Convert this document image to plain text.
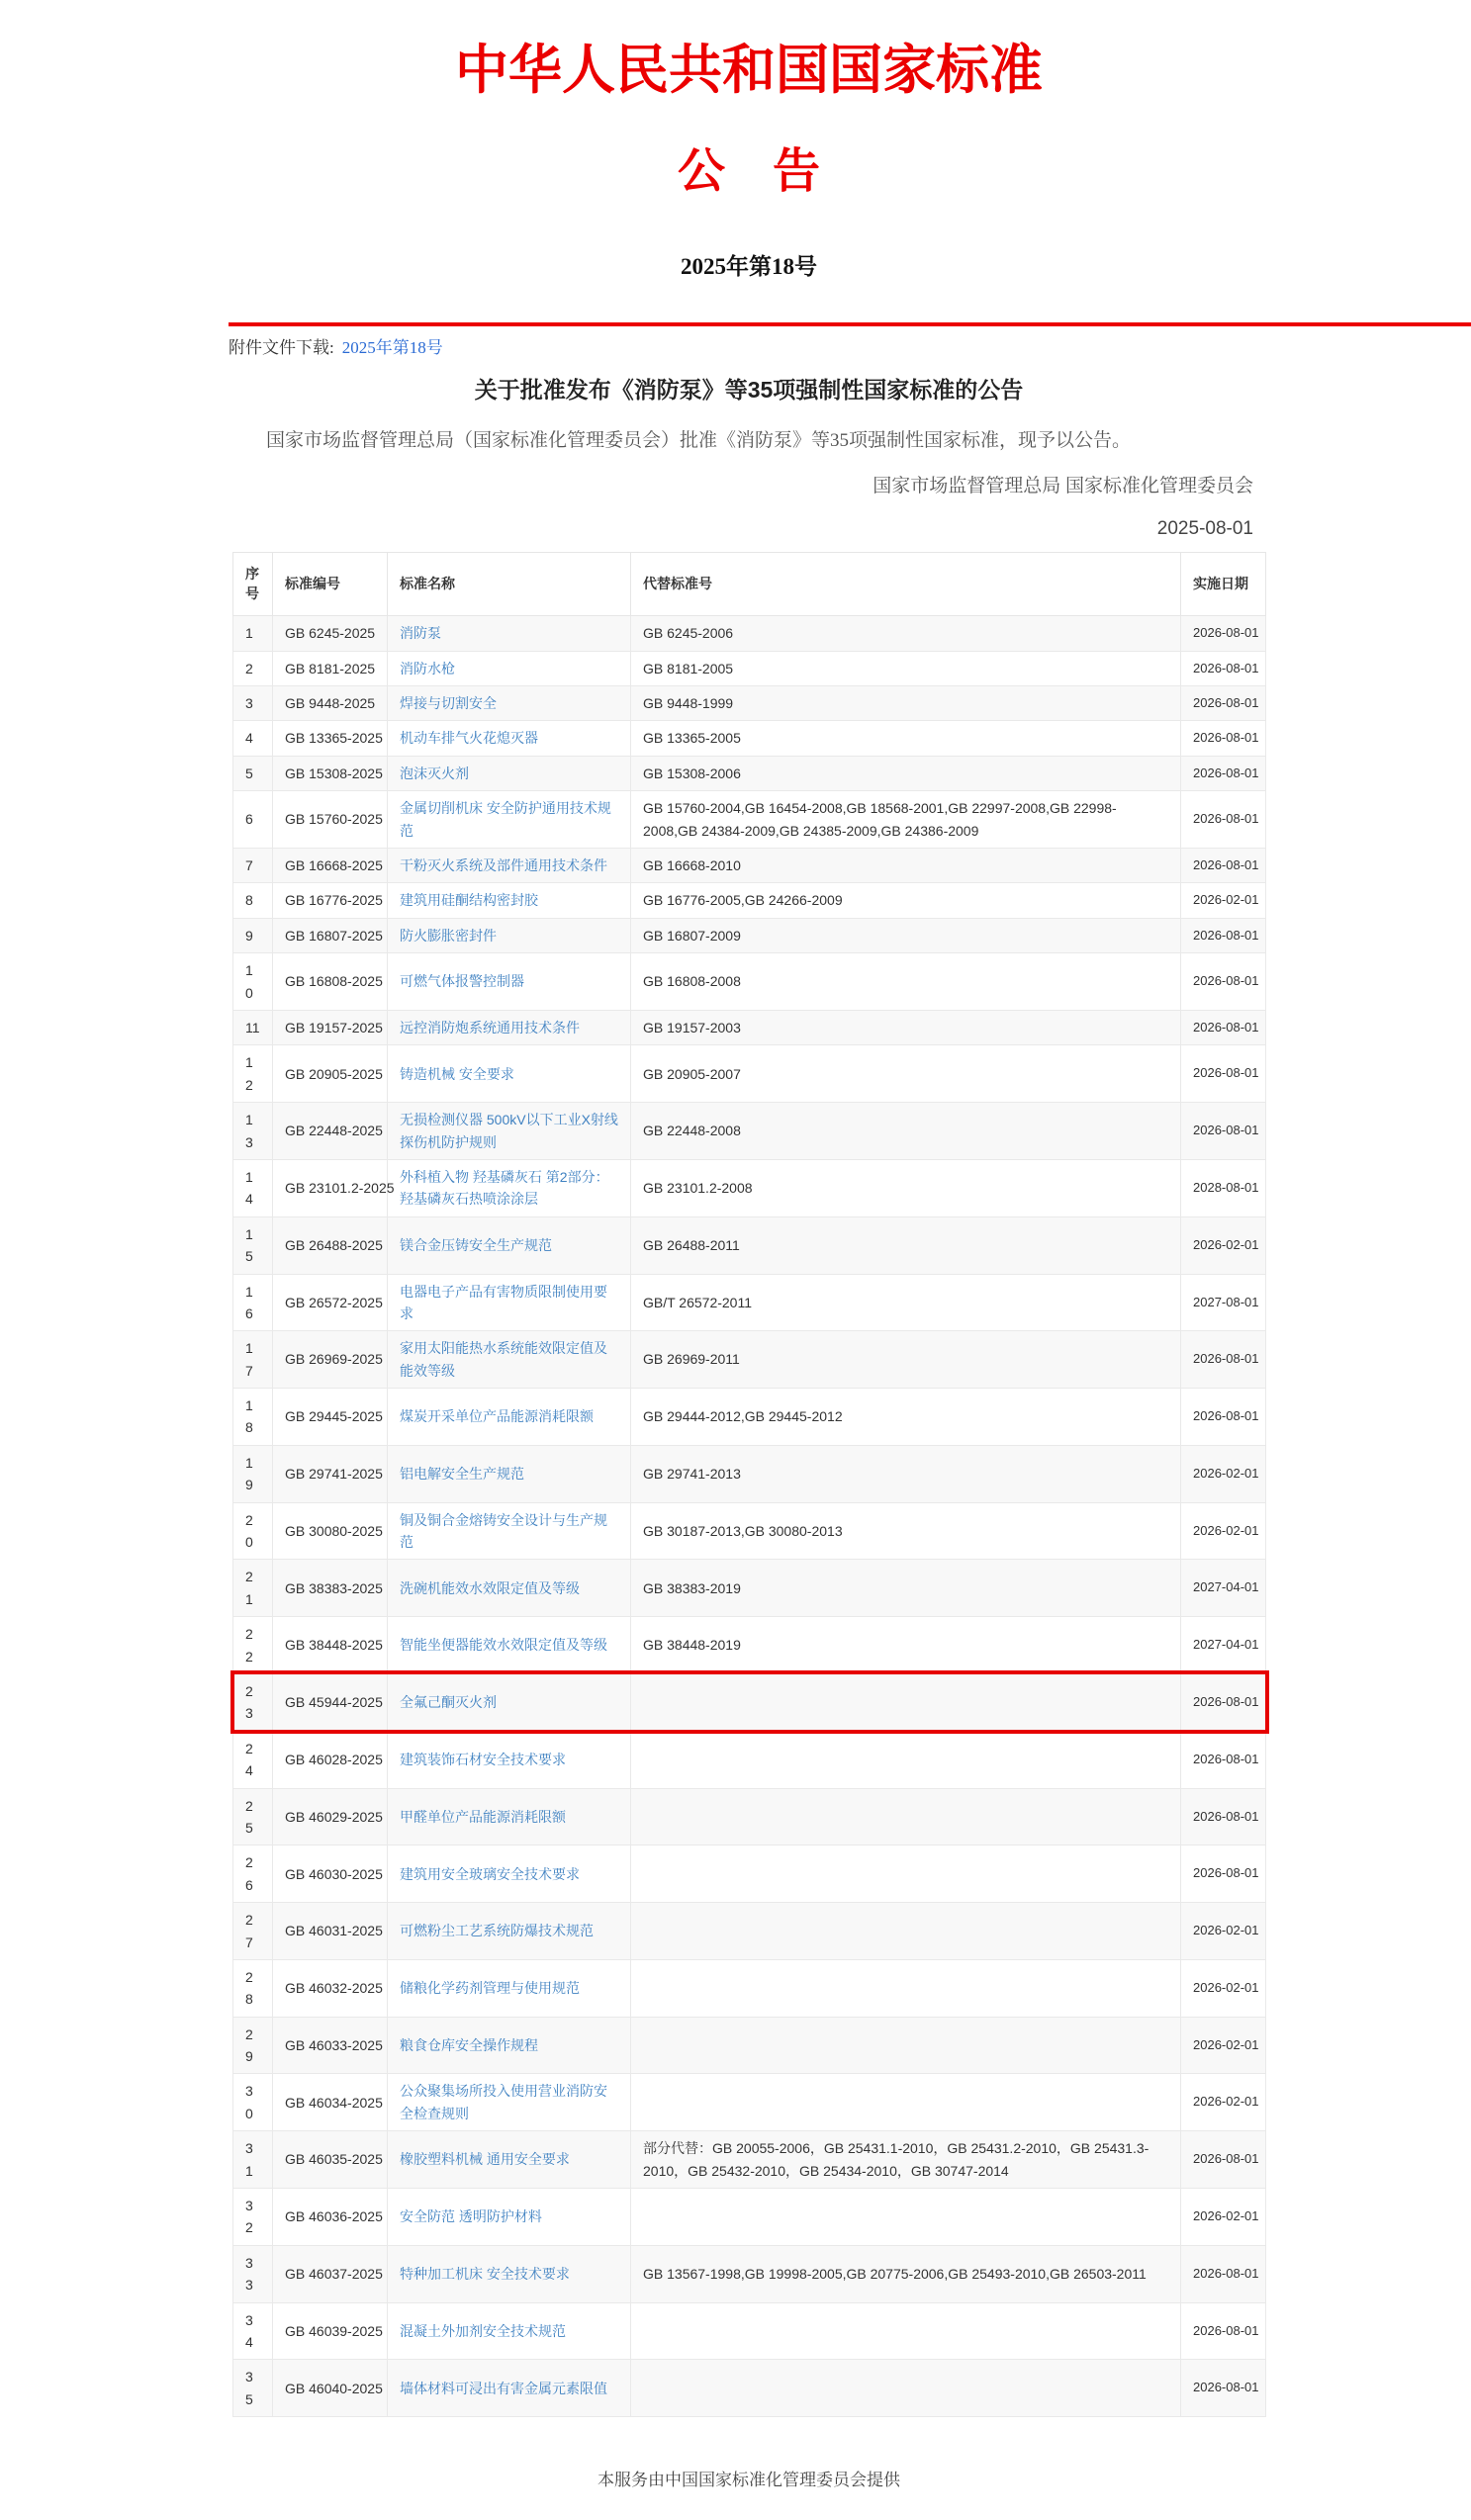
中华人民共和国国家标准
公　告
2025年第18号
附件文件下载: 2025年第18号
关于批准发布《消防泵》等35项强制性国家标准的公告
国家市场监督管理总局（国家标准化管理委员会）批准《消防泵》等35项强制性国家标准，现予以公告。
国家市场监督管理总局 国家标准化管理委员会
2025-08-01
序号	标准编号	标准名称	代替标准号	实施日期
1	GB 6245-2025	消防泵	GB 6245-2006	2026-08-01
2	GB 8181-2025	消防水枪	GB 8181-2005	2026-08-01
3	GB 9448-2025	焊接与切割安全	GB 9448-1999	2026-08-01
4	GB 13365-2025	机动车排气火花熄灭器	GB 13365-2005	2026-08-01
5	GB 15308-2025	泡沫灭火剂	GB 15308-2006	2026-08-01
6	GB 15760-2025	金属切削机床 安全防护通用技术规范	GB 15760-2004,GB 16454-2008,GB 18568-2001,GB 22997-2008,GB 22998-2008,GB 24384-2009,GB 24385-2009,GB 24386-2009	2026-08-01
7	GB 16668-2025	干粉灭火系统及部件通用技术条件	GB 16668-2010	2026-08-01
8	GB 16776-2025	建筑用硅酮结构密封胶	GB 16776-2005,GB 24266-2009	2026-02-01
9	GB 16807-2025	防火膨胀密封件	GB 16807-2009	2026-08-01
10	GB 16808-2025	可燃气体报警控制器	GB 16808-2008	2026-08-01
11	GB 19157-2025	远控消防炮系统通用技术条件	GB 19157-2003	2026-08-01
12	GB 20905-2025	铸造机械 安全要求	GB 20905-2007	2026-08-01
13	GB 22448-2025	无损检测仪器 500kV以下工业X射线探伤机防护规则	GB 22448-2008	2026-08-01
14	GB 23101.2-2025	外科植入物 羟基磷灰石 第2部分：羟基磷灰石热喷涂涂层	GB 23101.2-2008	2028-08-01
15	GB 26488-2025	镁合金压铸安全生产规范	GB 26488-2011	2026-02-01
16	GB 26572-2025	电器电子产品有害物质限制使用要求	GB/T 26572-2011	2027-08-01
17	GB 26969-2025	家用太阳能热水系统能效限定值及能效等级	GB 26969-2011	2026-08-01
18	GB 29445-2025	煤炭开采单位产品能源消耗限额	GB 29444-2012,GB 29445-2012	2026-08-01
19	GB 29741-2025	铝电解安全生产规范	GB 29741-2013	2026-02-01
20	GB 30080-2025	铜及铜合金熔铸安全设计与生产规范	GB 30187-2013,GB 30080-2013	2026-02-01
21	GB 38383-2025	洗碗机能效水效限定值及等级	GB 38383-2019	2027-04-01
22	GB 38448-2025	智能坐便器能效水效限定值及等级	GB 38448-2019	2027-04-01
23	GB 45944-2025	全氟己酮灭火剂		2026-08-01
24	GB 46028-2025	建筑装饰石材安全技术要求		2026-08-01
25	GB 46029-2025	甲醛单位产品能源消耗限额		2026-08-01
26	GB 46030-2025	建筑用安全玻璃安全技术要求		2026-08-01
27	GB 46031-2025	可燃粉尘工艺系统防爆技术规范		2026-02-01
28	GB 46032-2025	储粮化学药剂管理与使用规范		2026-02-01
29	GB 46033-2025	粮食仓库安全操作规程		2026-02-01
30	GB 46034-2025	公众聚集场所投入使用营业消防安全检查规则		2026-02-01
31	GB 46035-2025	橡胶塑料机械 通用安全要求	部分代替：GB 20055-2006，GB 25431.1-2010，GB 25431.2-2010，GB 25431.3-2010，GB 25432-2010，GB 25434-2010，GB 30747-2014	2026-08-01
32	GB 46036-2025	安全防范 透明防护材料		2026-02-01
33	GB 46037-2025	特种加工机床 安全技术要求	GB 13567-1998,GB 19998-2005,GB 20775-2006,GB 25493-2010,GB 26503-2011	2026-08-01
34	GB 46039-2025	混凝土外加剂安全技术规范		2026-08-01
35	GB 46040-2025	墙体材料可浸出有害金属元素限值		2026-08-01
本服务由中国国家标准化管理委员会提供
